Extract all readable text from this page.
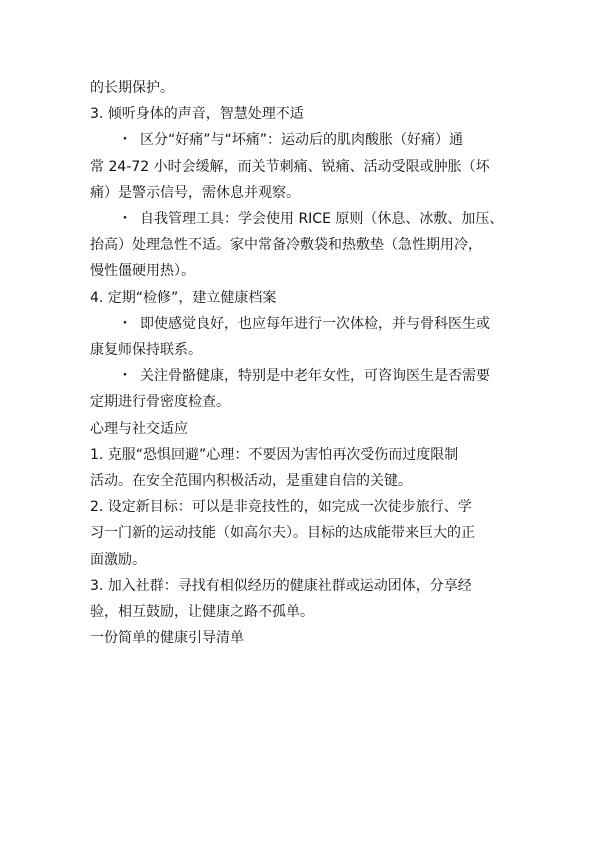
的长期保护。

3. 倾听身体的声音，智慧处理不适

・ 区分“好痛”与“坏痛”：运动后的肌肉酸胀（好痛）通

常 24-72 小时会缓解，而关节刺痛、锐痛、活动受限或肿胀（坏

痛）是警示信号，需休息并观察。

・ 自我管理工具：学会使用 RICE 原则（休息、冰敷、加压、

抬高）处理急性不适。家中常备冷敷袋和热敷垫（急性期用冷，

慢性僵硬用热）。

4. 定期“检修”，建立健康档案

・ 即使感觉良好，也应每年进行一次体检，并与骨科医生或

康复师保持联系。

・ 关注骨骼健康，特别是中老年女性，可咨询医生是否需要

定期进行骨密度检查。

心理与社交适应

1. 克服“恐惧回避”心理：不要因为害怕再次受伤而过度限制

活动。在安全范围内积极活动，是重建自信的关键。

2. 设定新目标：可以是非竞技性的，如完成一次徒步旅行、学

习一门新的运动技能（如高尔夫）。目标的达成能带来巨大的正

面激励。

3. 加入社群：寻找有相似经历的健康社群或运动团体，分享经

验，相互鼓励，让健康之路不孤单。

一份简单的健康引导清单
